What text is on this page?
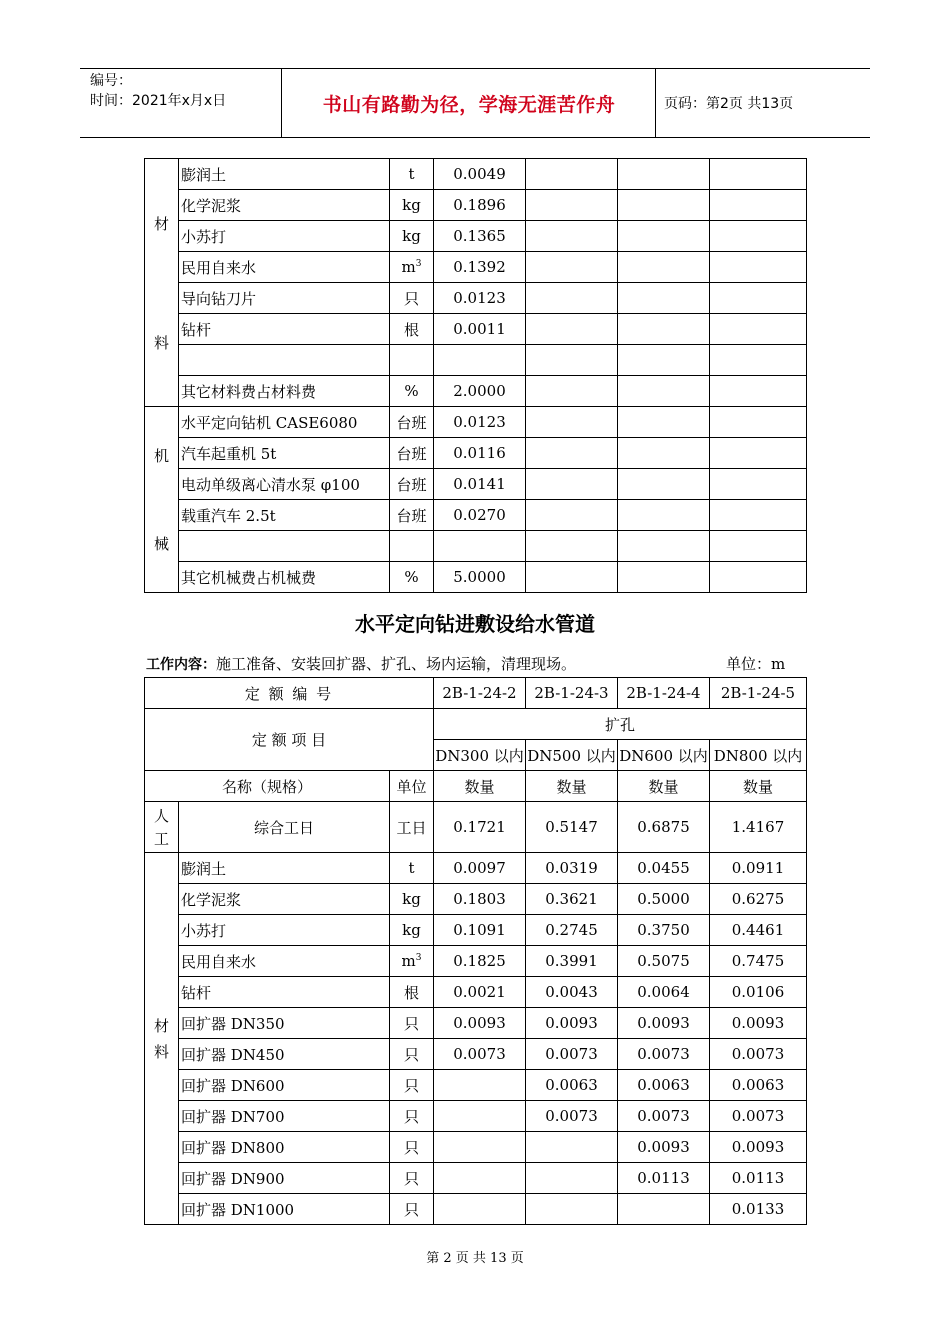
编号：
时间：2021年x月x日	书山有路勤为径，学海无涯苦作舟	页码：第2页 共13页
材
料	膨润土	t	0.0049			
	化学泥浆	kg	0.1896			
	小苏打	kg	0.1365			
	民用自来水	$m^3$	0.1392			
	导向钻刀片	只	0.0123			
	钻杆	根	0.0011			

	其它材料费占材料费	%	2.0000			

机
械	水平定向钻机 CASE6080	台班	0.0123			
	汽车起重机 5t	台班	0.0116			
	电动单级离心清水泵 φ100	台班	0.0141			
	载重汽车 2.5t	台班	0.0270			

	其它机械费占机械费	%	5.0000			
水平定向钻进敷设给水管道
工作内容：施工准备、安装回扩器、扩孔、场内运输，清理现场。	单位：m
定 额 编 号			2B-1-24-2	2B-1-24-3	2B-1-24-4	2B-1-24-5
定 额 项 目			扩孔			
			DN300 以内	DN500 以内	DN600 以内	DN800 以内
名称（规格）		单位	数量	数量	数量	数量

人
工	综合工日	工日	0.1721	0.5147	0.6875	1.4167

材
料	膨润土	t	0.0097	0.0319	0.0455	0.0911
	化学泥浆	kg	0.1803	0.3621	0.5000	0.6275
	小苏打	kg	0.1091	0.2745	0.3750	0.4461
	民用自来水	$m^3$	0.1825	0.3991	0.5075	0.7475
	钻杆	根	0.0021	0.0043	0.0064	0.0106
	回扩器 DN350	只	0.0093	0.0093	0.0093	0.0093
	回扩器 DN450	只	0.0073	0.0073	0.0073	0.0073
	回扩器 DN600	只		0.0063	0.0063	0.0063
	回扩器 DN700	只		0.0073	0.0073	0.0073
	回扩器 DN800	只			0.0093	0.0093
	回扩器 DN900	只			0.0113	0.0113
	回扩器 DN1000	只				0.0133
第 2 页 共 13 页
